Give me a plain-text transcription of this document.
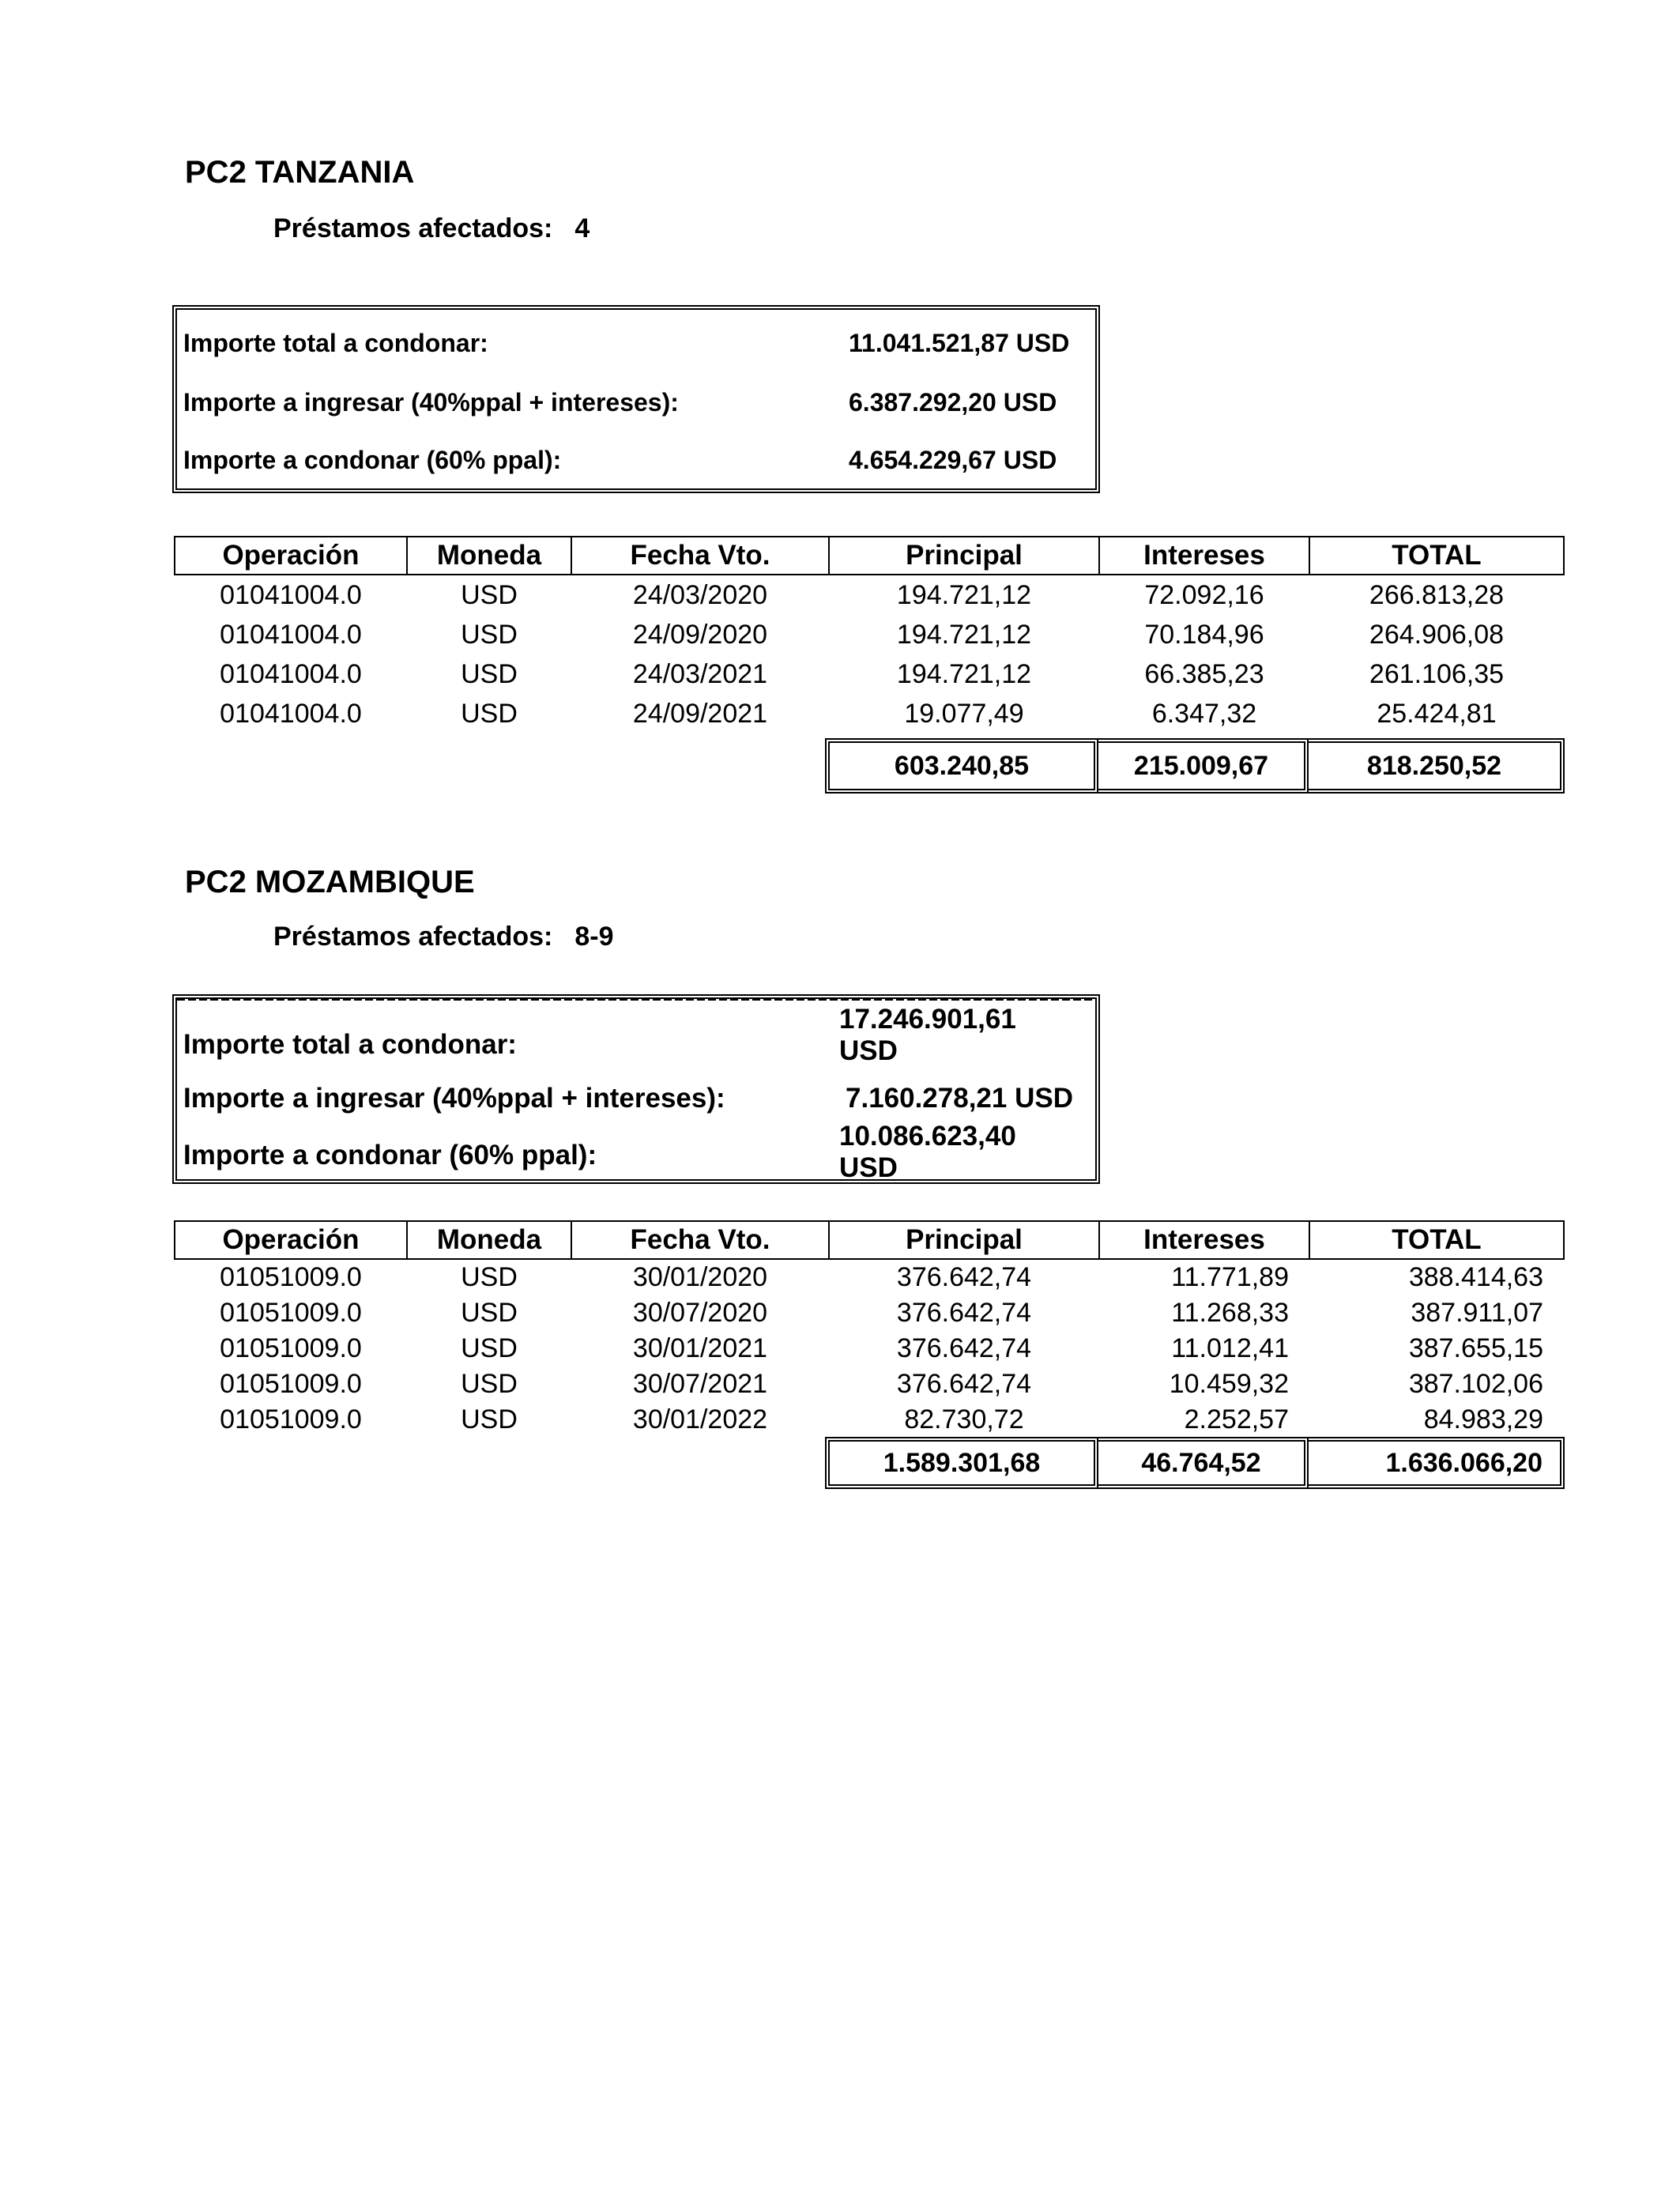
PC2 TANZANIA
Préstamos afectados: 4
Importe total a condonar:	11.041.521,87 USD
Importe a ingresar (40%ppal + intereses):	6.387.292,20 USD
Importe a condonar (60% ppal):	4.654.229,67 USD
Operación	Moneda	Fecha Vto.	Principal	Intereses	TOTAL
01041004.0	USD	24/03/2020	194.721,12	72.092,16	266.813,28
01041004.0	USD	24/09/2020	194.721,12	70.184,96	264.906,08
01041004.0	USD	24/03/2021	194.721,12	66.385,23	261.106,35
01041004.0	USD	24/09/2021	19.077,49	6.347,32	25.424,81
603.240,85	215.009,67	818.250,52
PC2 MOZAMBIQUE
Préstamos afectados: 8-9
Importe total a condonar:
17.246.901,61 USD
Importe a ingresar (40%ppal + intereses):	7.160.278,21 USD
Importe a condonar (60% ppal):
10.086.623,40 USD
Operación	Moneda	Fecha Vto.	Principal	Intereses	TOTAL
01051009.0	USD	30/01/2020	376.642,74	11.771,89	388.414,63
01051009.0	USD	30/07/2020	376.642,74	11.268,33	387.911,07
01051009.0	USD	30/01/2021	376.642,74	11.012,41	387.655,15
01051009.0	USD	30/07/2021	376.642,74	10.459,32	387.102,06
01051009.0	USD	30/01/2022	82.730,72	2.252,57	84.983,29
1.589.301,68	46.764,52	1.636.066,20
